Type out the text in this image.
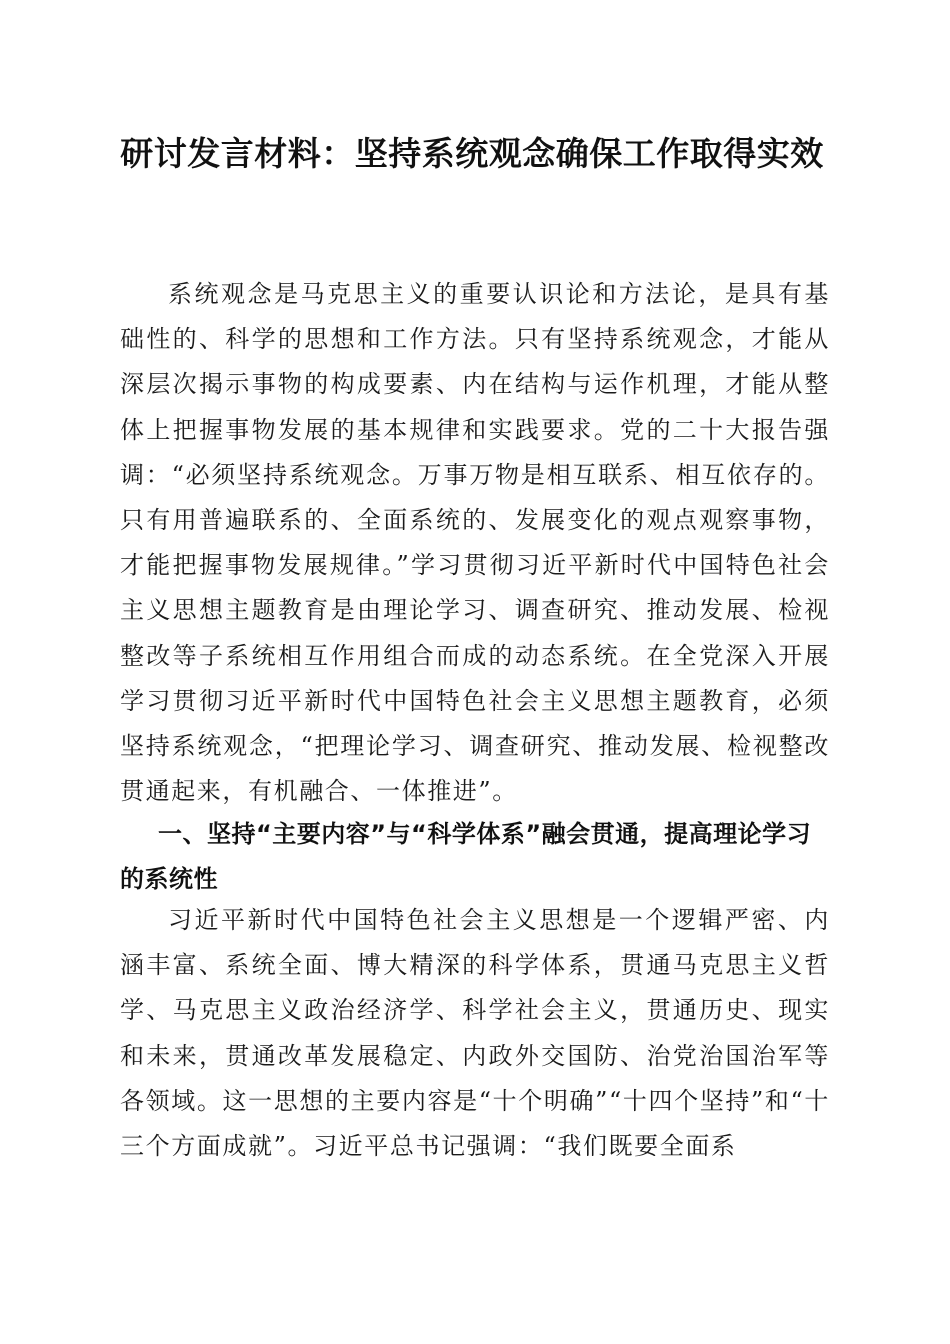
研讨发言材料：坚持系统观念确保工作取得实效

系统观念是马克思主义的重要认识论和方法论，是具有基础性的、科学的思想和工作方法。只有坚持系统观念，才能从深层次揭示事物的构成要素、内在结构与运作机理，才能从整体上把握事物发展的基本规律和实践要求。党的二十大报告强调：“必须坚持系统观念。万事万物是相互联系、相互依存的。只有用普遍联系的、全面系统的、发展变化的观点观察事物，才能把握事物发展规律。”学习贯彻习近平新时代中国特色社会主义思想主题教育是由理论学习、调查研究、推动发展、检视整改等子系统相互作用组合而成的动态系统。在全党深入开展学习贯彻习近平新时代中国特色社会主义思想主题教育，必须坚持系统观念，“把理论学习、调查研究、推动发展、检视整改贯通起来，有机融合、一体推进”。

一、坚持“主要内容”与“科学体系”融会贯通，提高理论学习的系统性

习近平新时代中国特色社会主义思想是一个逻辑严密、内涵丰富、系统全面、博大精深的科学体系，贯通马克思主义哲学、马克思主义政治经济学、科学社会主义，贯通历史、现实和未来，贯通改革发展稳定、内政外交国防、治党治国治军等各领域。这一思想的主要内容是“十个明确”“十四个坚持”和“十三个方面成就”。习近平总书记强调：“我们既要全面系
